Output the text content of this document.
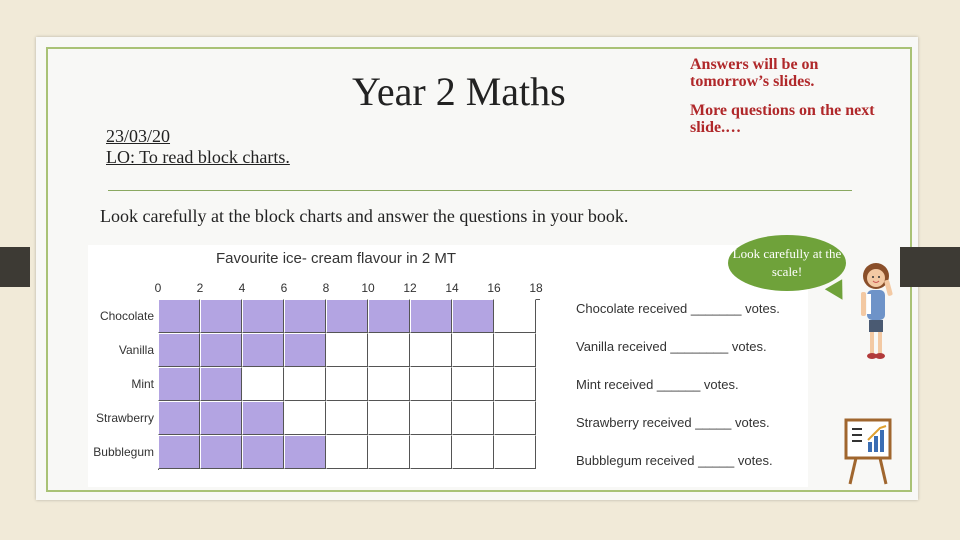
Year 2 Maths
23/03/20
LO: To read block charts.

Answers will be on tomorrow’s slides.

More questions on the next slide.…

Look carefully at the block charts and answer the questions in your book.
Favourite ice- cream flavour in 2 MT
0	2	4	6	8	10 12 14 16 18
Chocolate
Vanilla
Mint
Strawberry
Bubblegum
Chocolate received _______ votes.
Vanilla received ________ votes.
Mint received ______ votes.
Strawberry received _____ votes.
Bubblegum received _____ votes.
Look carefully at the scale!
